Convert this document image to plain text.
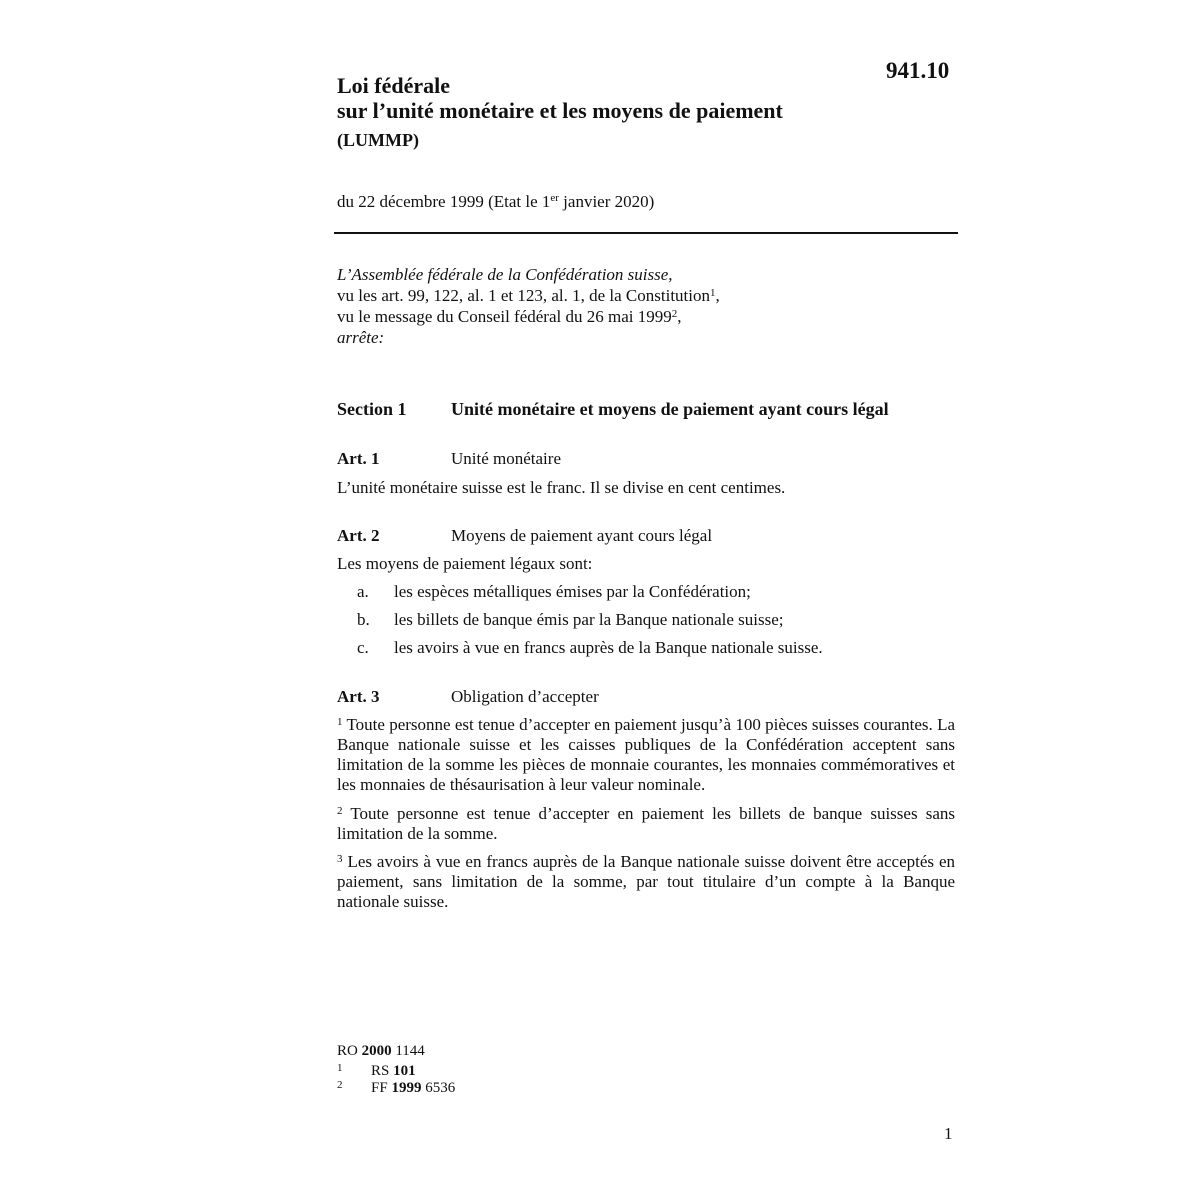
941.10
Loi fédérale
sur l’unité monétaire et les moyens de paiement
(LUMMP)
du 22 décembre 1999 (Etat le 1er janvier 2020)
L’Assemblée fédérale de la Confédération suisse,
vu les art. 99, 122, al. 1 et 123, al. 1, de la Constitution$^1$,
vu le message du Conseil fédéral du 26 mai 1999$^2$,
arrête:
Section 1 Unité monétaire et moyens de paiement ayant cours légal
Art. 1	Unité monétaire
L’unité monétaire suisse est le franc. Il se divise en cent centimes.
Art. 2	Moyens de paiement ayant cours légal
Les moyens de paiement légaux sont:
a. les espèces métalliques émises par la Confédération;
b. les billets de banque émis par la Banque nationale suisse;
c. les avoirs à vue en francs auprès de la Banque nationale suisse.
Art. 3	Obligation d’accepter
$^1$ Toute personne est tenue d’accepter en paiement jusqu’à 100 pièces suisses courantes. La Banque nationale suisse et les caisses publiques de la Confédération acceptent sans limitation de la somme les pièces de monnaie courantes, les monnaies commémoratives et les monnaies de thésaurisation à leur valeur nominale.
$^2$ Toute personne est tenue d’accepter en paiement les billets de banque suisses sans limitation de la somme.
$^3$ Les avoirs à vue en francs auprès de la Banque nationale suisse doivent être acceptés en paiement, sans limitation de la somme, par tout titulaire d’un compte à la Banque nationale suisse.
RO 2000 1144
1 RS 101
2 FF 1999 6536
1
